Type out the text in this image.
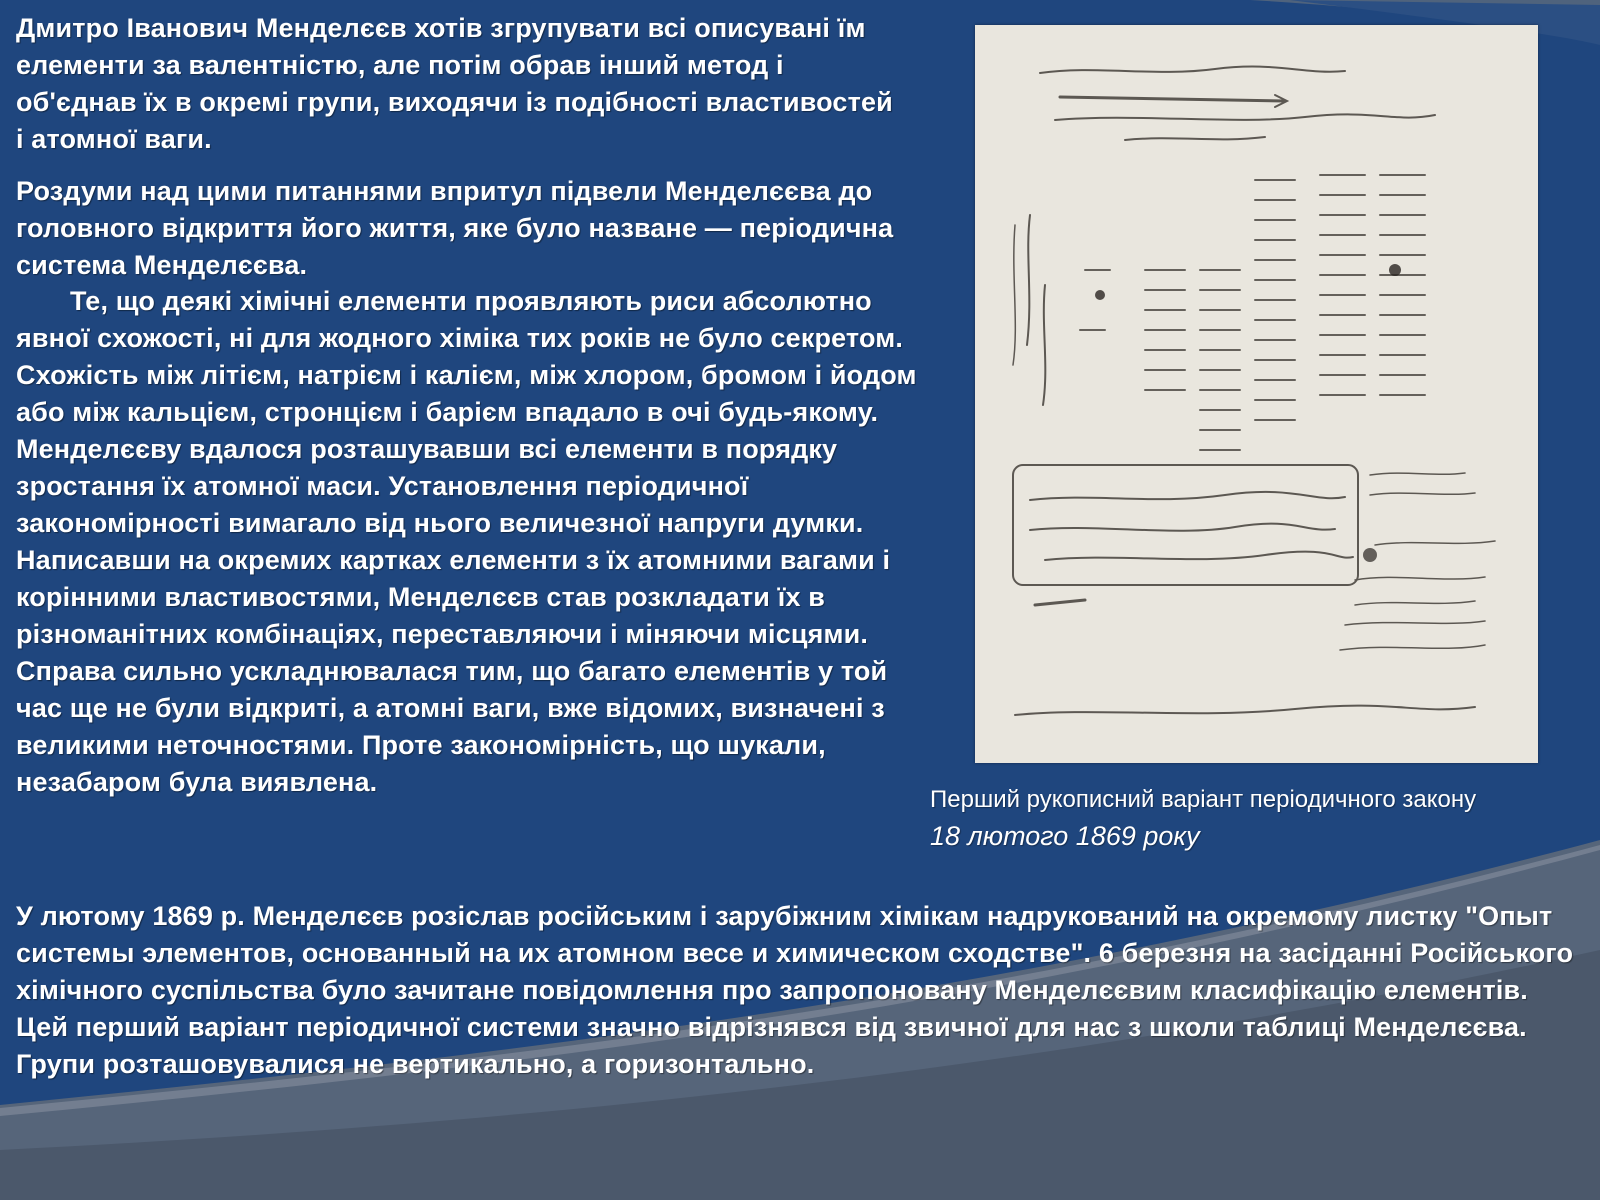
Дмитро Іванович Менделєєв хотів згрупувати всі описувані їм елементи за валентністю, але потім обрав інший метод і об'єднав їх в окремі групи, виходячи із подібності властивостей і атомної ваги.

Роздуми над цими питаннями впритул підвели Менделєєва до головного відкриття його життя, яке було назване — періодична система Менделєєва.

Те, що деякі хімічні елементи проявляють риси абсолютно явної схожості, ні для жодного хіміка тих років не було секретом. Схожість між літієм, натрієм і калієм, між хлором, бромом і йодом або між кальцієм, стронцієм і барієм впадало в очі будь-якому. Менделєєву вдалося розташувавши всі елементи в порядку зростання їх атомної маси. Установлення періодичної закономірності вимагало від нього величезної напруги думки. Написавши на окремих картках елементи з їх атомними вагами і корінними властивостями, Менделєєв став розкладати їх в різноманітних комбінаціях, переставляючи і міняючи місцями. Справа сильно ускладнювалася тим, що багато елементів у той час ще не були відкриті, а атомні ваги, вже відомих, визначені з великими неточностями. Проте закономірність, що шукали, незабаром була виявлена.

У лютому 1869 р. Менделєєв розіслав російським і зарубіжним хімікам надрукований на окремому листку "Опыт системы элементов, основанный на их атомном весе и химическом сходстве". 6 березня на засіданні Російського хімічного суспільства було зачитане повідомлення про запропоновану Менделєєвим класифікацію елементів. Цей перший варіант періодичної системи значно відрізнявся від звичної для нас з школи таблиці Менделєєва. Групи розташовувалися не вертикально, а горизонтально.

Перший рукописний варіант періодичного закону
18 лютого 1869 року
